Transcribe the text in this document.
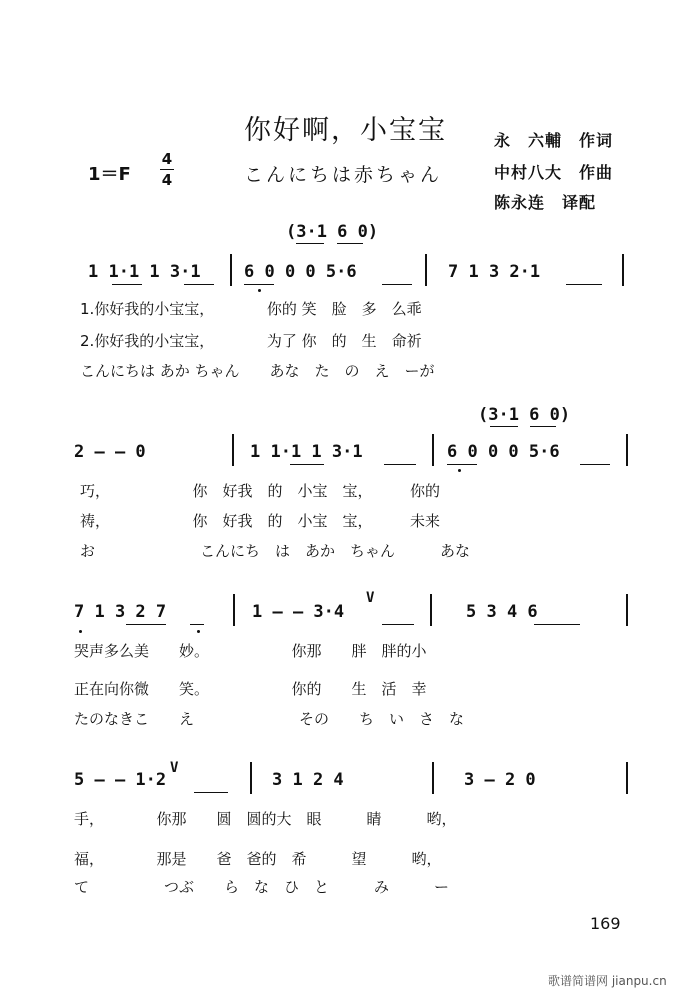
你好啊，小宝宝
こんにちは赤ちゃん
1＝F
4
4
永　六輔　作词
中村八大　作曲
陈永连　译配
(3·1 6 0)
1 1·1 1 3·1	6 0 0 0 5·6	7 1 3 2·1
1.你好我的小宝宝，　　　　你的 笑　脸　多　么乖
2.你好我的小宝宝，　　　　为了 你　的　生　命祈
こんにちは あか ちゃん　　あな　た　の　え　ーが
(3·1 6 0)
2 — — 0	1 1·1 1 3·1	6 0 0 0 5·6
巧，　　　　　　你　好我　的　小宝　宝，　　　你的
祷，　　　　　　你　好我　的　小宝　宝，　　　未来
お　　　　　　　こんにち　は　あか　ちゃん　　　あな
V
7 1 3 2 7	1 — — 3·4	5 3 4 6
哭声多么美　　妙。　　　　　　你那　　胖　胖的小
正在向你微　　笑。　　　　　　你的　　生　活　幸
たのなきこ　　え　　　　　　　その　　ち　い　さ　な
V
5 — — 1·2	3 1 2 4	3 — 2 0
手，　　　　你那　　圆　圆的大　眼　　　睛　　　哟，
福，　　　　那是　　爸　爸的　希　　　望　　　哟，
て　　　　　つぶ　　ら　な　ひ　と　　　み　　　ー
169
歌谱简谱网 jianpu.cn
